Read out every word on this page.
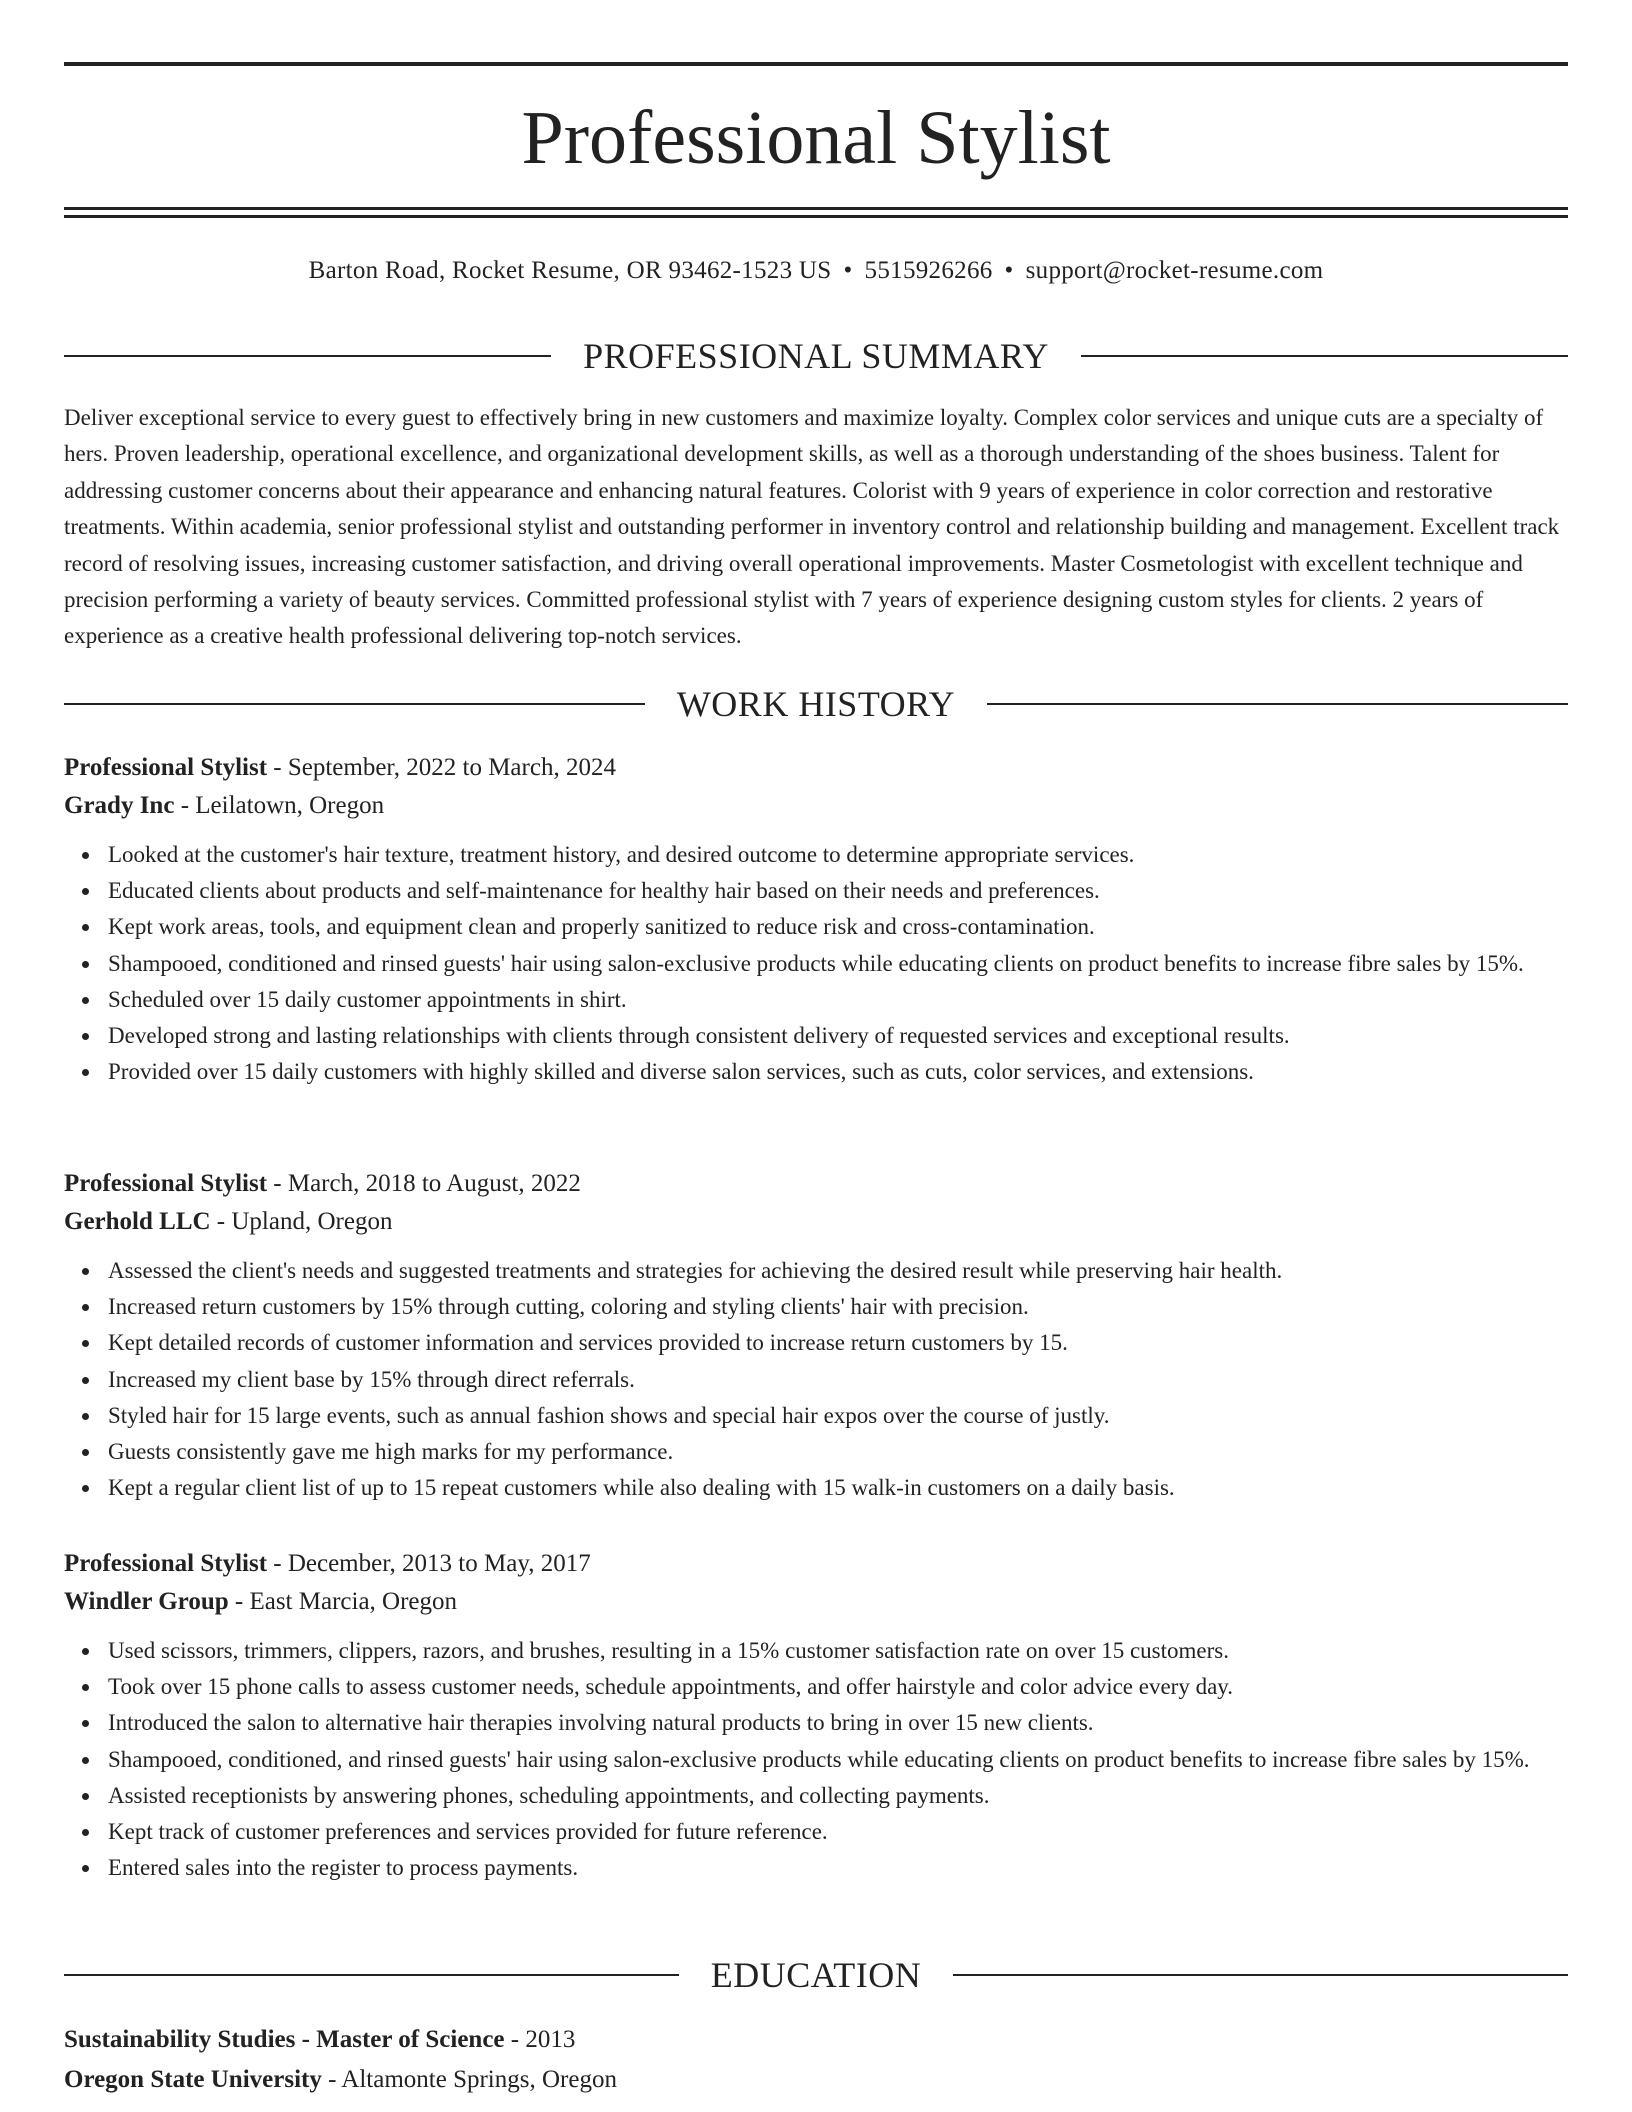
Professional Stylist
Barton Road, Rocket Resume, OR 93462-1523 US • 5515926266 • support@rocket-resume.com
PROFESSIONAL SUMMARY

Deliver exceptional service to every guest to effectively bring in new customers and maximize loyalty. Complex color services and unique cuts are a specialty of hers. Proven leadership, operational excellence, and organizational development skills, as well as a thorough understanding of the shoes business. Talent for addressing customer concerns about their appearance and enhancing natural features. Colorist with 9 years of experience in color correction and restorative treatments. Within academia, senior professional stylist and outstanding performer in inventory control and relationship building and management. Excellent track record of resolving issues, increasing customer satisfaction, and driving overall operational improvements. Master Cosmetologist with excellent technique and precision performing a variety of beauty services. Committed professional stylist with 7 years of experience designing custom styles for clients. 2 years of experience as a creative health professional delivering top-notch services.

WORK HISTORY

Professional Stylist - September, 2022 to March, 2024

Grady Inc - Leilatown, Oregon

Looked at the customer's hair texture, treatment history, and desired outcome to determine appropriate services.
Educated clients about products and self-maintenance for healthy hair based on their needs and preferences.
Kept work areas, tools, and equipment clean and properly sanitized to reduce risk and cross-contamination.
Shampooed, conditioned and rinsed guests' hair using salon-exclusive products while educating clients on product benefits to increase fibre sales by 15%.
Scheduled over 15 daily customer appointments in shirt.
Developed strong and lasting relationships with clients through consistent delivery of requested services and exceptional results.
Provided over 15 daily customers with highly skilled and diverse salon services, such as cuts, color services, and extensions.

Professional Stylist - March, 2018 to August, 2022

Gerhold LLC - Upland, Oregon

Assessed the client's needs and suggested treatments and strategies for achieving the desired result while preserving hair health.
Increased return customers by 15% through cutting, coloring and styling clients' hair with precision.
Kept detailed records of customer information and services provided to increase return customers by 15.
Increased my client base by 15% through direct referrals.
Styled hair for 15 large events, such as annual fashion shows and special hair expos over the course of justly.
Guests consistently gave me high marks for my performance.
Kept a regular client list of up to 15 repeat customers while also dealing with 15 walk-in customers on a daily basis.

Professional Stylist - December, 2013 to May, 2017

Windler Group - East Marcia, Oregon

Used scissors, trimmers, clippers, razors, and brushes, resulting in a 15% customer satisfaction rate on over 15 customers.
Took over 15 phone calls to assess customer needs, schedule appointments, and offer hairstyle and color advice every day.
Introduced the salon to alternative hair therapies involving natural products to bring in over 15 new clients.
Shampooed, conditioned, and rinsed guests' hair using salon-exclusive products while educating clients on product benefits to increase fibre sales by 15%.
Assisted receptionists by answering phones, scheduling appointments, and collecting payments.
Kept track of customer preferences and services provided for future reference.
Entered sales into the register to process payments.
EDUCATION

Sustainability Studies - Master of Science - 2013

Oregon State University - Altamonte Springs, Oregon
